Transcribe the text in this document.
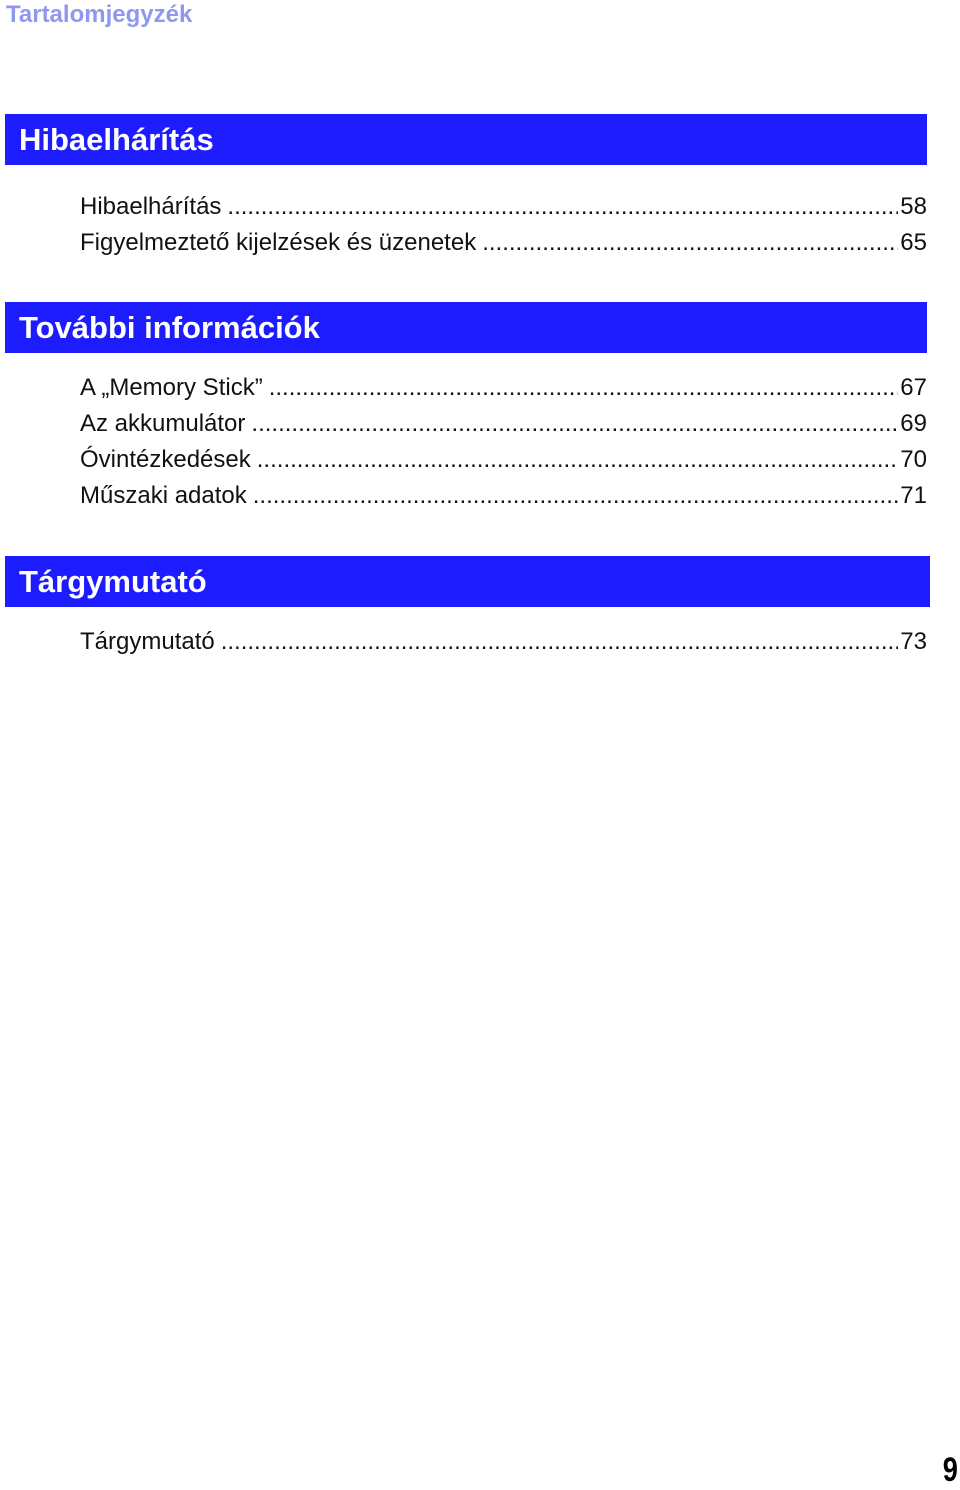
Tartalomjegyzék
Hibaelhárítás
Hibaelhárítás .....	58
Figyelmeztető kijelzések és üzenetek .....	65
További információk
A „Memory Stick” .....	67
Az akkumulátor .....	69
Óvintézkedések .....	70
Műszaki adatok .....	71
Tárgymutató
Tárgymutató .....	73
9
